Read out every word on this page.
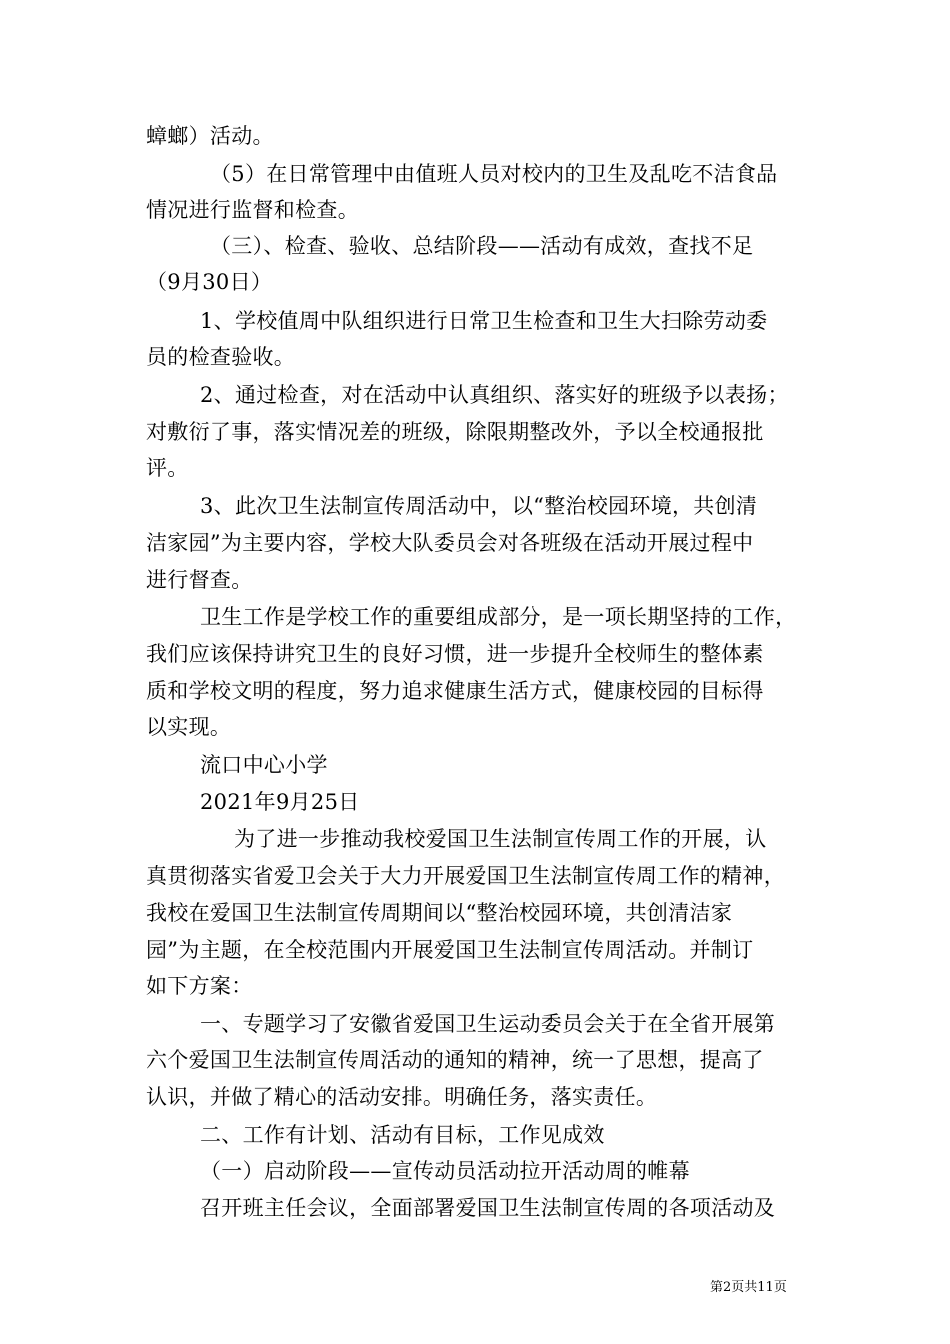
蟑螂）活动。
（5）在日常管理中由值班人员对校内的卫生及乱吃不洁食品
情况进行监督和检查。
（三）、检查、验收、总结阶段——活动有成效，查找不足
（9月30日）
1、学校值周中队组织进行日常卫生检查和卫生大扫除劳动委
员的检查验收。
2、通过检查，对在活动中认真组织、落实好的班级予以表扬；
对敷衍了事，落实情况差的班级，除限期整改外，予以全校通报批
评。
3、此次卫生法制宣传周活动中，以“整治校园环境，共创清
洁家园”为主要内容，学校大队委员会对各班级在活动开展过程中
进行督查。
卫生工作是学校工作的重要组成部分，是一项长期坚持的工作，
我们应该保持讲究卫生的良好习惯，进一步提升全校师生的整体素
质和学校文明的程度，努力追求健康生活方式，健康校园的目标得
以实现。
流口中心小学
2021年9月25日
为了进一步推动我校爱国卫生法制宣传周工作的开展，认
真贯彻落实省爱卫会关于大力开展爱国卫生法制宣传周工作的精神，
我校在爱国卫生法制宣传周期间以“整治校园环境，共创清洁家
园”为主题，在全校范围内开展爱国卫生法制宣传周活动。并制订
如下方案：
一、专题学习了安徽省爱国卫生运动委员会关于在全省开展第
六个爱国卫生法制宣传周活动的通知的精神，统一了思想，提高了
认识，并做了精心的活动安排。明确任务，落实责任。
二、工作有计划、活动有目标，工作见成效
（一）启动阶段——宣传动员活动拉开活动周的帷幕
召开班主任会议，全面部署爱国卫生法制宣传周的各项活动及
第2页共11页
